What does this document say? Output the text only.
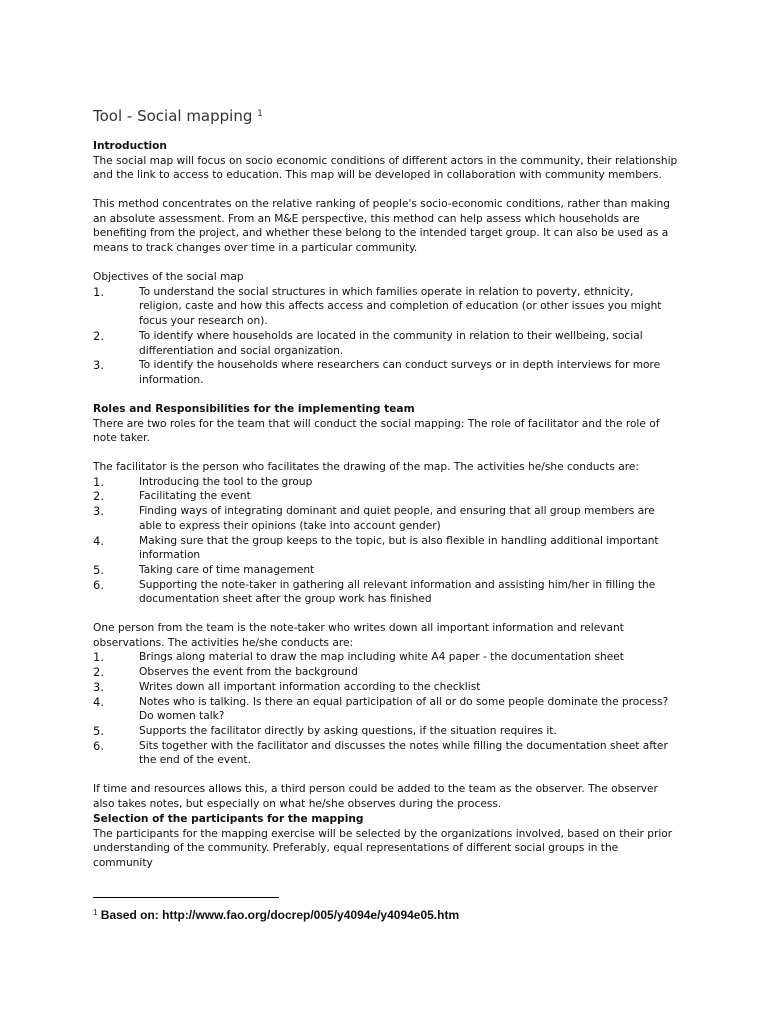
Tool - Social mapping $^1$

Introduction

The social map will focus on socio economic conditions of different actors in the community, their relationship and the link to access to education. This map will be developed in collaboration with community members.

This method concentrates on the relative ranking of people's socio-economic conditions, rather than making an absolute assessment. From an M&E perspective, this method can help assess which households are benefiting from the project, and whether these belong to the intended target group. It can also be used as a means to track changes over time in a particular community.

Objectives of the social map

1.	To understand the social structures in which families operate in relation to poverty, ethnicity, religion, caste and how this affects access and completion of education (or other issues you might focus your research on).
2.	To identify where households are located in the community in relation to their wellbeing, social differentiation and social organization.
3.	To identify the households where researchers can conduct surveys or in depth interviews for more information.

Roles and Responsibilities for the implementing team

There are two roles for the team that will conduct the social mapping: The role of facilitator and the role of note taker.

The facilitator is the person who facilitates the drawing of the map. The activities he/she conducts are:

1.	Introducing the tool to the group
2.	Facilitating the event
3.	Finding ways of integrating dominant and quiet people, and ensuring that all group members are able to express their opinions (take into account gender)
4.	Making sure that the group keeps to the topic, but is also flexible in handling additional important information
5.	Taking care of time management
6.	Supporting the note-taker in gathering all relevant information and assisting him/her in filling the documentation sheet after the group work has finished

One person from the team is the note-taker who writes down all important information and relevant observations. The activities he/she conducts are:

1.	Brings along material to draw the map including white A4 paper - the documentation sheet
2.	Observes the event from the background
3.	Writes down all important information according to the checklist
4.	Notes who is talking. Is there an equal participation of all or do some people dominate the process? Do women talk?
5.	Supports the facilitator directly by asking questions, if the situation requires it.
6.	Sits together with the facilitator and discusses the notes while filling the documentation sheet after the end of the event.

If time and resources allows this, a third person could be added to the team as the observer. The observer also takes notes, but especially on what he/she observes during the process.

Selection of the participants for the mapping

The participants for the mapping exercise will be selected by the organizations involved, based on their prior understanding of the community. Preferably, equal representations of different social groups in the community

$^1$ Based on: http://www.fao.org/docrep/005/y4094e/y4094e05.htm
